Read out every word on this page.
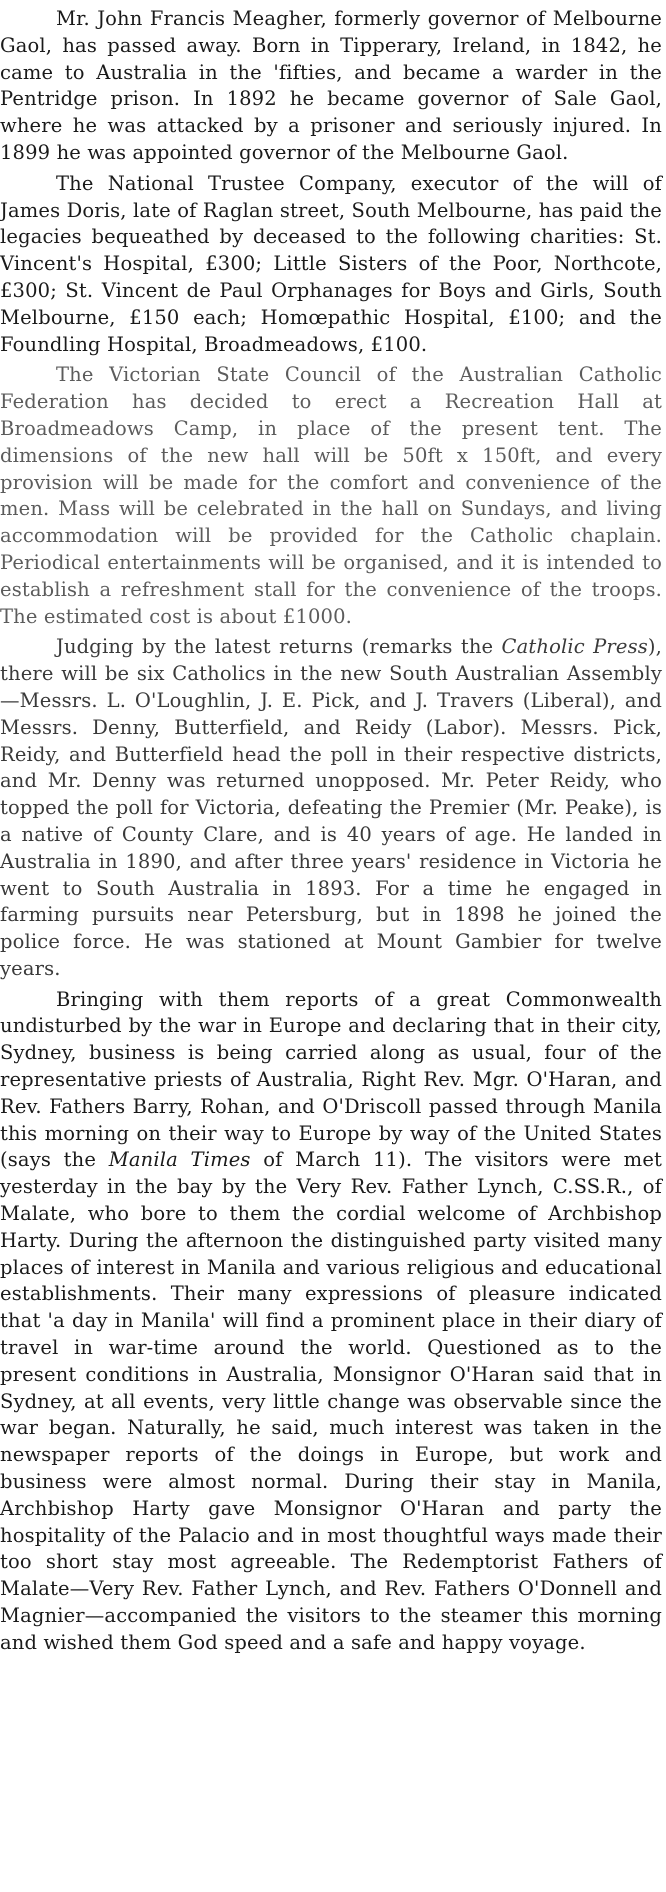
Mr. John Francis Meagher, formerly governor of Melbourne Gaol, has passed away. Born in Tipperary, Ireland, in 1842, he came to Australia in the 'fifties, and became a warder in the Pentridge prison. In 1892 he became governor of Sale Gaol, where he was attacked by a prisoner and seriously injured. In 1899 he was appointed governor of the Melbourne Gaol.

The National Trustee Company, executor of the will of James Doris, late of Raglan street, South Melbourne, has paid the legacies bequeathed by deceased to the following charities: St. Vincent's Hospital, £300; Little Sisters of the Poor, Northcote, £300; St. Vincent de Paul Orphanages for Boys and Girls, South Melbourne, £150 each; Homœpathic Hospital, £100; and the Foundling Hospital, Broadmeadows, £100.

The Victorian State Council of the Australian Catholic Federation has decided to erect a Recreation Hall at Broadmeadows Camp, in place of the present tent. The dimensions of the new hall will be 50ft x 150ft, and every provision will be made for the comfort and convenience of the men. Mass will be celebrated in the hall on Sundays, and living accommodation will be provided for the Catholic chaplain. Periodical entertainments will be organised, and it is intended to establish a refreshment stall for the convenience of the troops. The estimated cost is about £1000.

Judging by the latest returns (remarks the Catholic Press), there will be six Catholics in the new South Australian Assembly—Messrs. L. O'Loughlin, J. E. Pick, and J. Travers (Liberal), and Messrs. Denny, Butterfield, and Reidy (Labor). Messrs. Pick, Reidy, and Butterfield head the poll in their respective districts, and Mr. Denny was returned unopposed. Mr. Peter Reidy, who topped the poll for Victoria, defeating the Premier (Mr. Peake), is a native of County Clare, and is 40 years of age. He landed in Australia in 1890, and after three years' residence in Victoria he went to South Australia in 1893. For a time he engaged in farming pursuits near Petersburg, but in 1898 he joined the police force. He was stationed at Mount Gambier for twelve years.

Bringing with them reports of a great Commonwealth undisturbed by the war in Europe and declaring that in their city, Sydney, business is being carried along as usual, four of the representative priests of Australia, Right Rev. Mgr. O'Haran, and Rev. Fathers Barry, Rohan, and O'Driscoll passed through Manila this morning on their way to Europe by way of the United States (says the Manila Times of March 11). The visitors were met yesterday in the bay by the Very Rev. Father Lynch, C.SS.R., of Malate, who bore to them the cordial welcome of Archbishop Harty. During the afternoon the distinguished party visited many places of interest in Manila and various religious and educational establishments. Their many expressions of pleasure indicated that 'a day in Manila' will find a prominent place in their diary of travel in war-time around the world. Questioned as to the present conditions in Australia, Monsignor O'Haran said that in Sydney, at all events, very little change was observable since the war began. Naturally, he said, much interest was taken in the newspaper reports of the doings in Europe, but work and business were almost normal. During their stay in Manila, Archbishop Harty gave Monsignor O'Haran and party the hospitality of the Palacio and in most thoughtful ways made their too short stay most agreeable. The Redemptorist Fathers of Malate—Very Rev. Father Lynch, and Rev. Fathers O'Donnell and Magnier—accompanied the visitors to the steamer this morning and wished them God speed and a safe and happy voyage.
